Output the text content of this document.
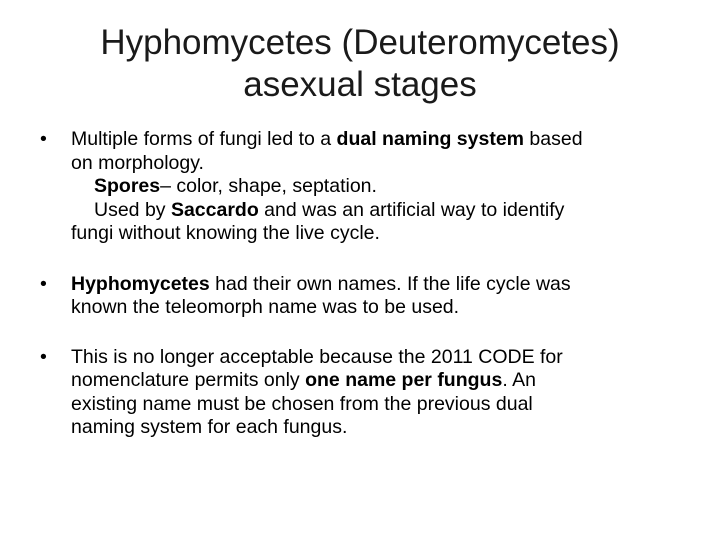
Hyphomycetes (Deuteromycetes)
asexual stages
• Multiple forms of fungi led to a dual naming system based
on morphology.
Spores– color, shape, septation.
Used by Saccardo and was an artificial way to identify
fungi without knowing the live cycle.
• Hyphomycetes had their own names. If the life cycle was
known the teleomorph name was to be used.
• This is no longer acceptable because the 2011 CODE for
nomenclature permits only one name per fungus. An
existing name must be chosen from the previous dual
naming system for each fungus.
